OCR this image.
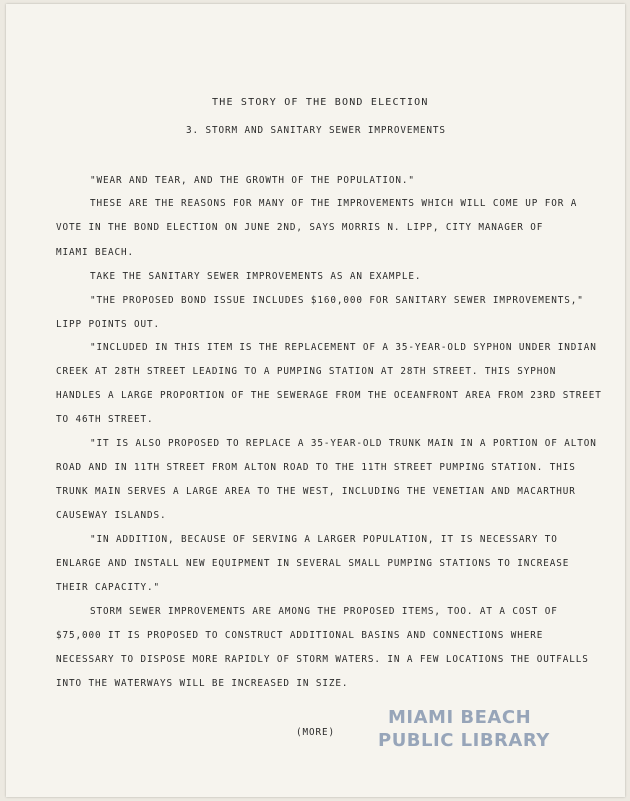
THE STORY OF THE BOND ELECTION

3. STORM AND SANITARY SEWER IMPROVEMENTS

"WEAR AND TEAR, AND THE GROWTH OF THE POPULATION."

THESE ARE THE REASONS FOR MANY OF THE IMPROVEMENTS WHICH WILL COME UP FOR A

VOTE IN THE BOND ELECTION ON JUNE 2ND, SAYS MORRIS N. LIPP, CITY MANAGER OF

MIAMI BEACH.

TAKE THE SANITARY SEWER IMPROVEMENTS AS AN EXAMPLE.

"THE PROPOSED BOND ISSUE INCLUDES $160,000 FOR SANITARY SEWER IMPROVEMENTS,"

LIPP POINTS OUT.

"INCLUDED IN THIS ITEM IS THE REPLACEMENT OF A 35-YEAR-OLD SYPHON UNDER INDIAN

CREEK AT 28TH STREET LEADING TO A PUMPING STATION AT 28TH STREET. THIS SYPHON

HANDLES A LARGE PROPORTION OF THE SEWERAGE FROM THE OCEANFRONT AREA FROM 23RD STREET

TO 46TH STREET.

"IT IS ALSO PROPOSED TO REPLACE A 35-YEAR-OLD TRUNK MAIN IN A PORTION OF ALTON

ROAD AND IN 11TH STREET FROM ALTON ROAD TO THE 11TH STREET PUMPING STATION. THIS

TRUNK MAIN SERVES A LARGE AREA TO THE WEST, INCLUDING THE VENETIAN AND MACARTHUR

CAUSEWAY ISLANDS.

"IN ADDITION, BECAUSE OF SERVING A LARGER POPULATION, IT IS NECESSARY TO

ENLARGE AND INSTALL NEW EQUIPMENT IN SEVERAL SMALL PUMPING STATIONS TO INCREASE

THEIR CAPACITY."

STORM SEWER IMPROVEMENTS ARE AMONG THE PROPOSED ITEMS, TOO. AT A COST OF

$75,000 IT IS PROPOSED TO CONSTRUCT ADDITIONAL BASINS AND CONNECTIONS WHERE

NECESSARY TO DISPOSE MORE RAPIDLY OF STORM WATERS. IN A FEW LOCATIONS THE OUTFALLS

INTO THE WATERWAYS WILL BE INCREASED IN SIZE.

(MORE)

MIAMI BEACH
PUBLIC LIBRARY
